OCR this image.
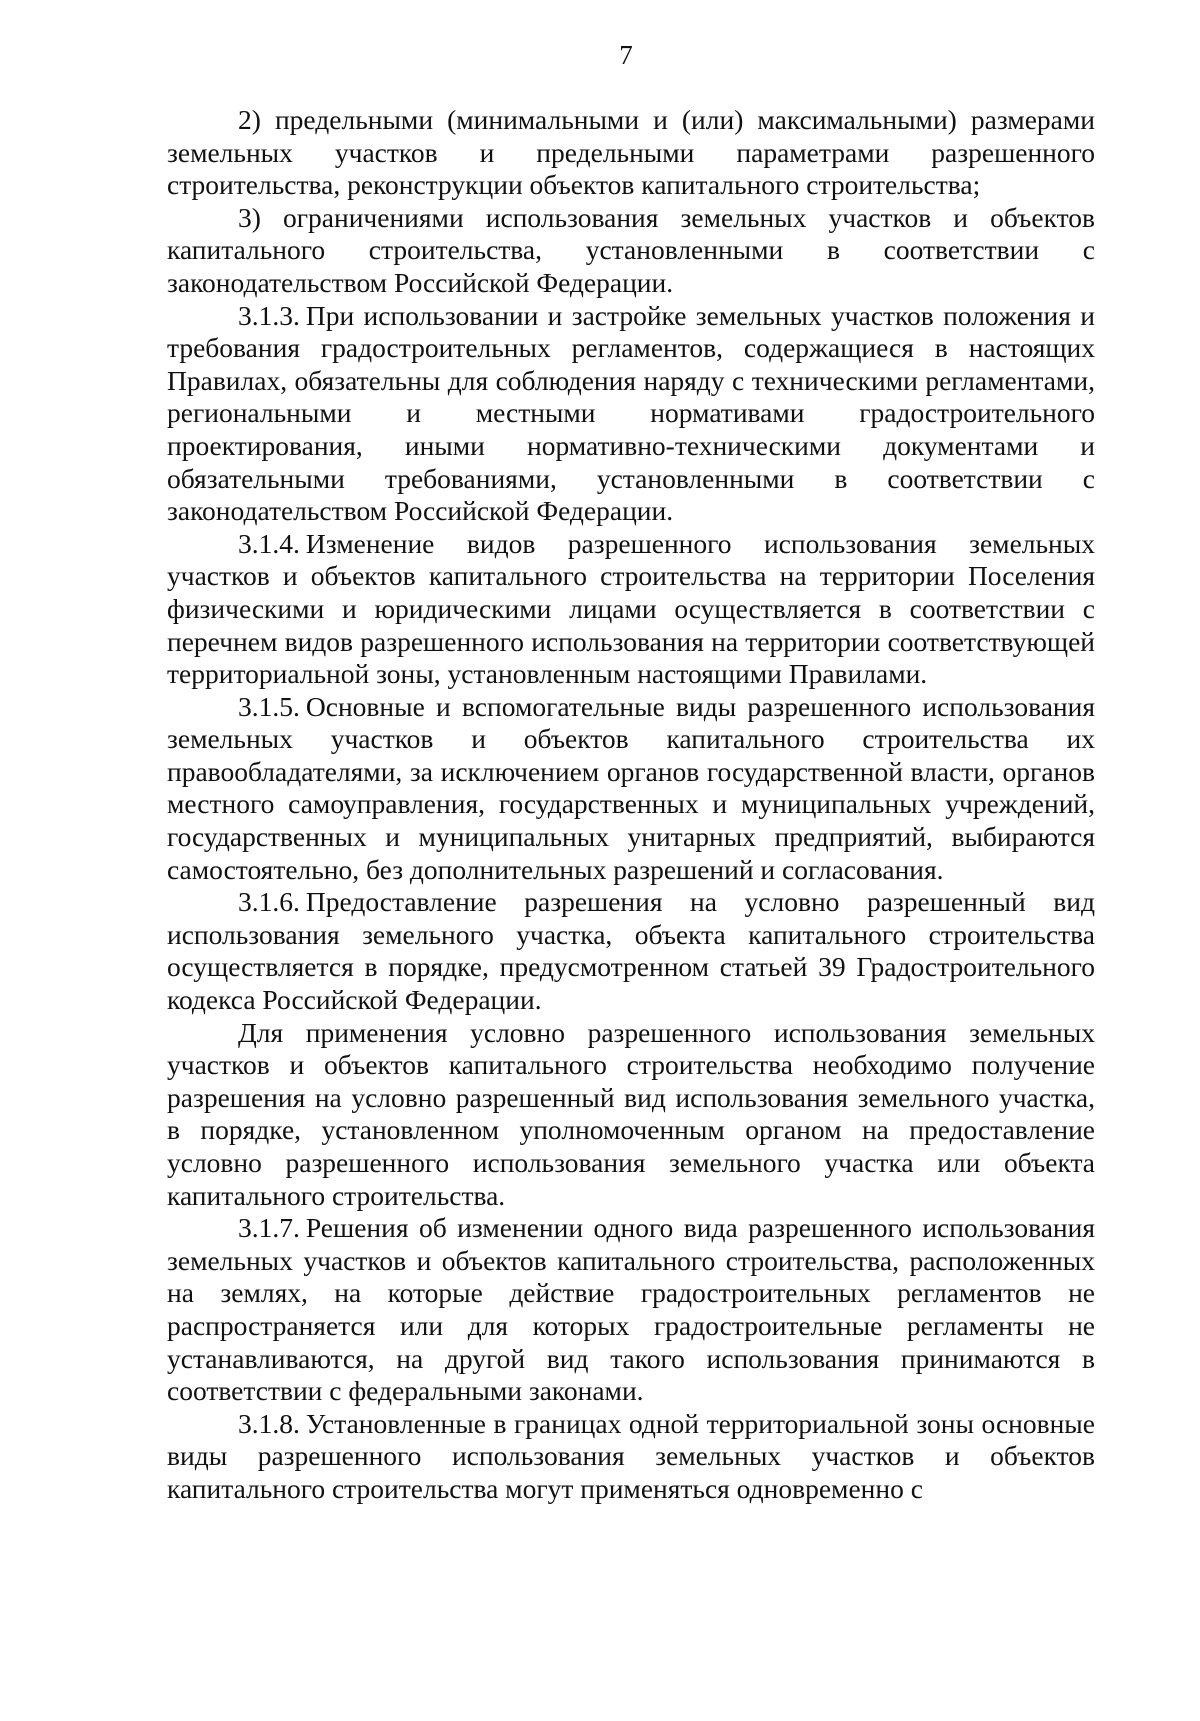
7

2) предельными (минимальными и (или) максимальными) размерами земельных участков и предельными параметрами разрешенного строительства, реконструкции объектов капитального строительства;

3) ограничениями использования земельных участков и объектов капитального строительства, установленными в соответствии с законодательством Российской Федерации.

3.1.3. При использовании и застройке земельных участков положения и требования градостроительных регламентов, содержащиеся в настоящих Правилах, обязательны для соблюдения наряду с техническими регламентами, региональными и местными нормативами градостроительного проектирования, иными нормативно-техническими документами и обязательными требованиями, установленными в соответствии с законодательством Российской Федерации.

3.1.4. Изменение видов разрешенного использования земельных участков и объектов капитального строительства на территории Поселения физическими и юридическими лицами осуществляется в соответствии с перечнем видов разрешенного использования на территории соответствующей территориальной зоны, установленным настоящими Правилами.

3.1.5. Основные и вспомогательные виды разрешенного использования земельных участков и объектов капитального строительства их правообладателями, за исключением органов государственной власти, органов местного самоуправления, государственных и муниципальных учреждений, государственных и муниципальных унитарных предприятий, выбираются самостоятельно, без дополнительных разрешений и согласования.

3.1.6. Предоставление разрешения на условно разрешенный вид использования земельного участка, объекта капитального строительства осуществляется в порядке, предусмотренном статьей 39 Градостроительного кодекса Российской Федерации.

Для применения условно разрешенного использования земельных участков и объектов капитального строительства необходимо получение разрешения на условно разрешенный вид использования земельного участка, в порядке, установленном уполномоченным органом на предоставление условно разрешенного использования земельного участка или объекта капитального строительства.

3.1.7. Решения об изменении одного вида разрешенного использования земельных участков и объектов капитального строительства, расположенных на землях, на которые действие градостроительных регламентов не распространяется или для которых градостроительные регламенты не устанавливаются, на другой вид такого использования принимаются в соответствии с федеральными законами.

3.1.8. Установленные в границах одной территориальной зоны основные виды разрешенного использования земельных участков и объектов капитального строительства могут применяться одновременно с
